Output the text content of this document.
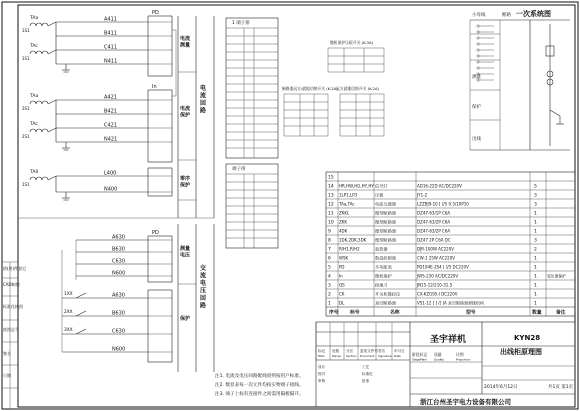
借(用)件登记
CAD制图
标准化核图
底图总号
签名
日期
PD
In
电流测量
电流保护
零序保护
电流回路
A411
TAa
1S1	B411
C411
TAc
1S1	N411
A421
TAa
2S1	B421
C421
TAc
2S1	N421
L400
TA0
1S1
N400
PD
测量电压
交流电压回路
保护
A630
B630
C630
N600
A630
1XX
B630
2XX
C630
3XX
N600
注1. 电流及电压回路配线原则按用户标准。
注2. 数显表每一次元件均按实物端子接线。
注3. 端子上标有连接件之间需用隔板隔开。
1 端子排
端子排
微机保护压板开关 (K-3A)
断路器远方/就地切换开关 (K-2A)
远方就地切换开关 (K-2A)
一次系统图
小母线	断路
保护
测量
出线
15
14 HR,HW,HG,HY,HY 信号灯	AD16-22D AC/DC220V	5
13 1LP1,LP3	压板	JY1-2	3
12 TAa,TAc	电流互感器	LZZBJ9-10 [ ]/5 0.5/10P10	3
11 ZKKL	微型断路器	DZ47-63/1P C6A	1
10 ZKK	微型断路器	DZ47-63/2P C6A	1
9 4DK	微型断路器	DZ47-63/2P C6A	1
8 1DK,2DK,3DK 微型断路器	DZ47 2P C6A DC	3
7 R/H1,R/H2	加热器	DJR-100W AC220V	2
6 WSK	数湿控制器	CW-1 25W AC220V	1
5 PD	多功能表	PD194E-2S4 [ ]/5 DC220V	1
4 In	微机保护	JWS-230 AC/DC220V	1	变压器保护
3 QS	接地刀	JN15-12/210-31.5	1
2 CK	开关柜操控仪	CX-KZG95-I DC220V	1
1 DL	真空断路器	VS1-12 [ ] /[ ]A 真空断路器弹操机构	1
序号 标号	名称	型号	数量	备注
圣宇祥机	KYN28
出线柜原理图
2014年6月12日	共1页 第1页
浙江台州圣宇电力设备有限公司
标记
Mark
处数
Places
分区
Section
更改文件号
Document
签名
Signature
年月日
Date
设计
校对
审核
工艺
标准化
批准
阶段标记
StageMark
质量
Quality
比例
Proportion
